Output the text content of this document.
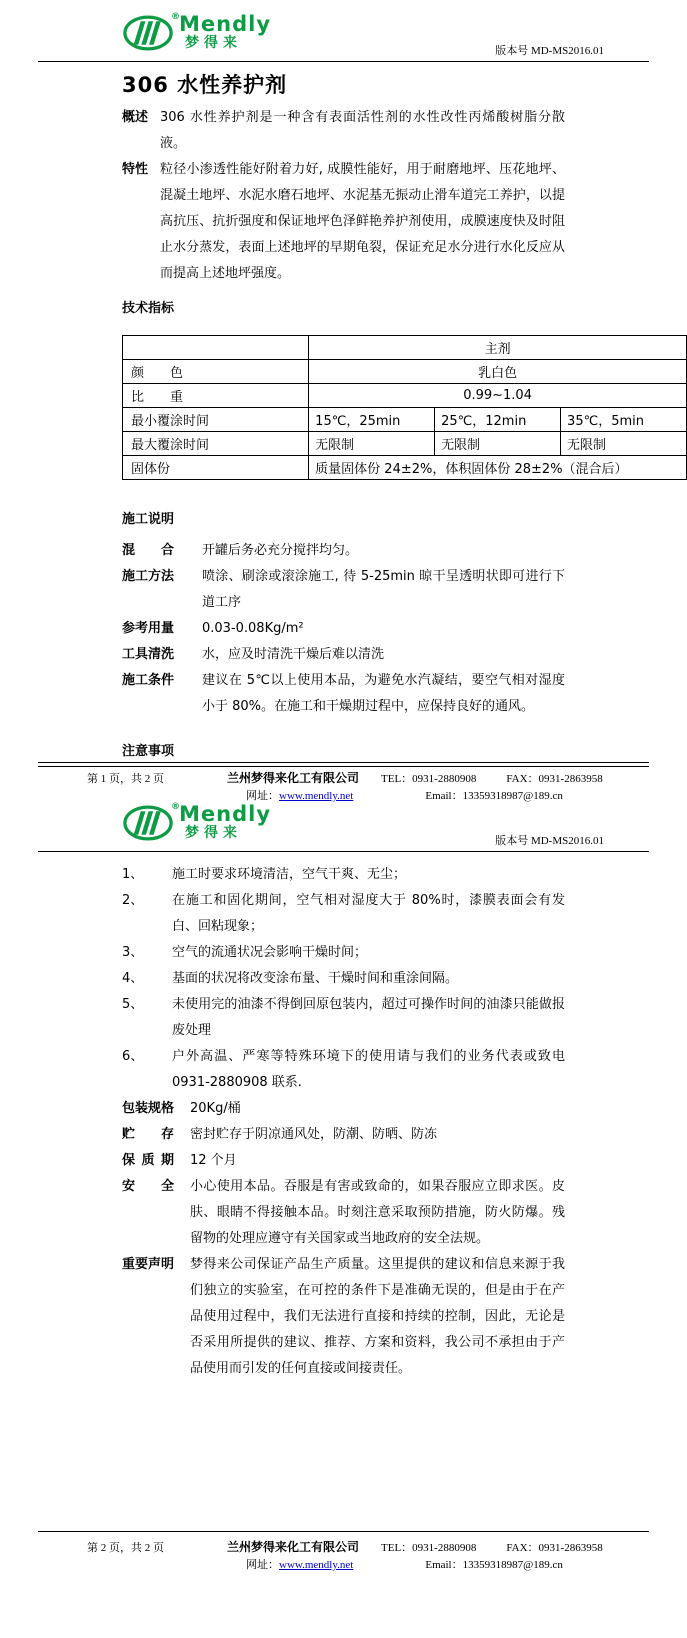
® Mendly
梦得来	版本号 MD-MS2016.01
306 水性养护剂
概述 306 水性养护剂是一种含有表面活性剂的水性改性丙烯酸树脂分散液。
特性 粒径小渗透性能好附着力好, 成膜性能好，用于耐磨地坪、压花地坪、混凝土地坪、水泥水磨石地坪、水泥基无振动止滑车道完工养护，以提高抗压、抗折强度和保证地坪色泽鲜艳养护剂使用，成膜速度快及时阻止水分蒸发，表面上述地坪的早期龟裂，保证充足水分进行水化反应从而提高上述地坪强度。
技术指标
	主剂		
颜色	乳白色		
比重	0.99~1.04		
最小覆涂时间	15℃，25min	25℃，12min	35℃，5min
最大覆涂时间	无限制	无限制	无限制
固体份	质量固体份 24±2%，体积固体份 28±2%（混合后）		
施工说明
混合 开罐后务必充分搅拌均匀。
施工方法 喷涂、刷涂或滚涂施工, 待 5-25min 晾干呈透明状即可进行下道工序
参考用量 0.03-0.08Kg/m²
工具清洗 水，应及时清洗干燥后难以清洗
施工条件 建议在 5℃以上使用本品，为避免水汽凝结，要空气相对湿度小于 80%。在施工和干燥期过程中，应保持良好的通风。
注意事项
第 1 页，共 2 页	兰州梦得来化工有限公司 TEL：0931-2880908	FAX：0931-2863958
网址：www.mendly.net	Email：13359318987@189.cn
® Mendly
梦得来	版本号 MD-MS2016.01
1、	施工时要求环境清洁，空气干爽、无尘；
2、	在施工和固化期间，空气相对湿度大于 80%时，漆膜表面会有发白、回粘现象；
3、	空气的流通状况会影响干燥时间；
4、	基面的状况将改变涂布量、干燥时间和重涂间隔。
5、	未使用完的油漆不得倒回原包装内，超过可操作时间的油漆只能做报废处理
6、	户外高温、严寒等特殊环境下的使用请与我们的业务代表或致电 0931-2880908 联系.
包装规格 20Kg/桶
贮存 密封贮存于阴凉通风处，防潮、防晒、防冻
保质期 12 个月
安全 小心使用本品。吞服是有害或致命的，如果吞服应立即求医。皮肤、眼睛不得接触本品。时刻注意采取预防措施，防火防爆。残留物的处理应遵守有关国家或当地政府的安全法规。
重要声明 梦得来公司保证产品生产质量。这里提供的建议和信息来源于我们独立的实验室，在可控的条件下是准确无误的，但是由于在产品使用过程中，我们无法进行直接和持续的控制，因此，无论是否采用所提供的建议、推荐、方案和资料，我公司不承担由于产品使用而引发的任何直接或间接责任。
第 2 页，共 2 页	兰州梦得来化工有限公司 TEL：0931-2880908	FAX：0931-2863958
网址：www.mendly.net	Email：13359318987@189.cn
